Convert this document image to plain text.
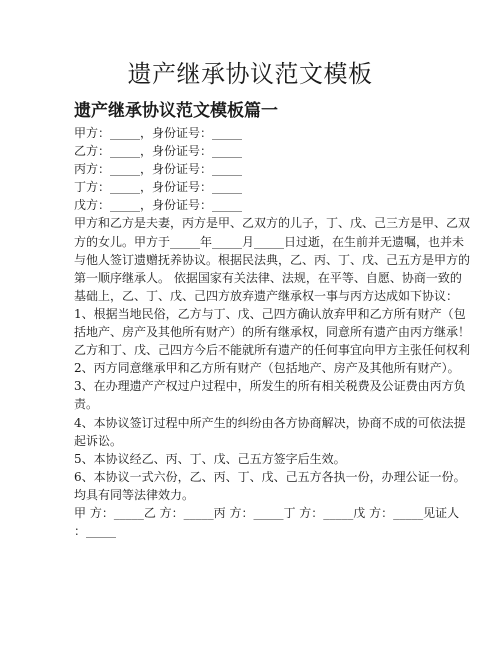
遗产继承协议范文模板
遗产继承协议范文模板篇一
甲方：_____，身份证号：_____
乙方：_____，身份证号：_____
丙方：_____，身份证号：_____
丁方：_____，身份证号：_____
戊方：_____，身份证号：_____
甲方和乙方是夫妻，丙方是甲、乙双方的儿子，丁、戊、己三方是甲、乙双
方的女儿。甲方于_____年_____月_____日过逝，在生前并无遗嘱，也并未
与他人签订遗赠抚养协议。根据民法典，乙、丙、丁、戊、己五方是甲方的
第一顺序继承人。 依据国家有关法律、法规，在平等、自愿、协商一致的
基础上，乙、丁、戊、己四方放弃遗产继承权一事与丙方达成如下协议：
1、根据当地民俗，乙方与丁、戊、己四方确认放弃甲和乙方所有财产（包
括地产、房产及其他所有财产）的所有继承权，同意所有遗产由丙方继承！
乙方和丁、戊、己四方今后不能就所有遗产的任何事宜向甲方主张任何权利
2、丙方同意继承甲和乙方所有财产（包括地产、房产及其他所有财产）。
3、在办理遗产产权过户过程中，所发生的所有相关税费及公证费由丙方负
责。
4、本协议签订过程中所产生的纠纷由各方协商解决，协商不成的可依法提
起诉讼。
5、本协议经乙、丙、丁、戊、己五方签字后生效。
6、本协议一式六份，乙、丙、丁、戊、己五方各执一份，办理公证一份。
均具有同等法律效力。
甲 方：_____乙 方：_____丙 方：_____丁 方：_____戊 方：_____见证人
：_____
